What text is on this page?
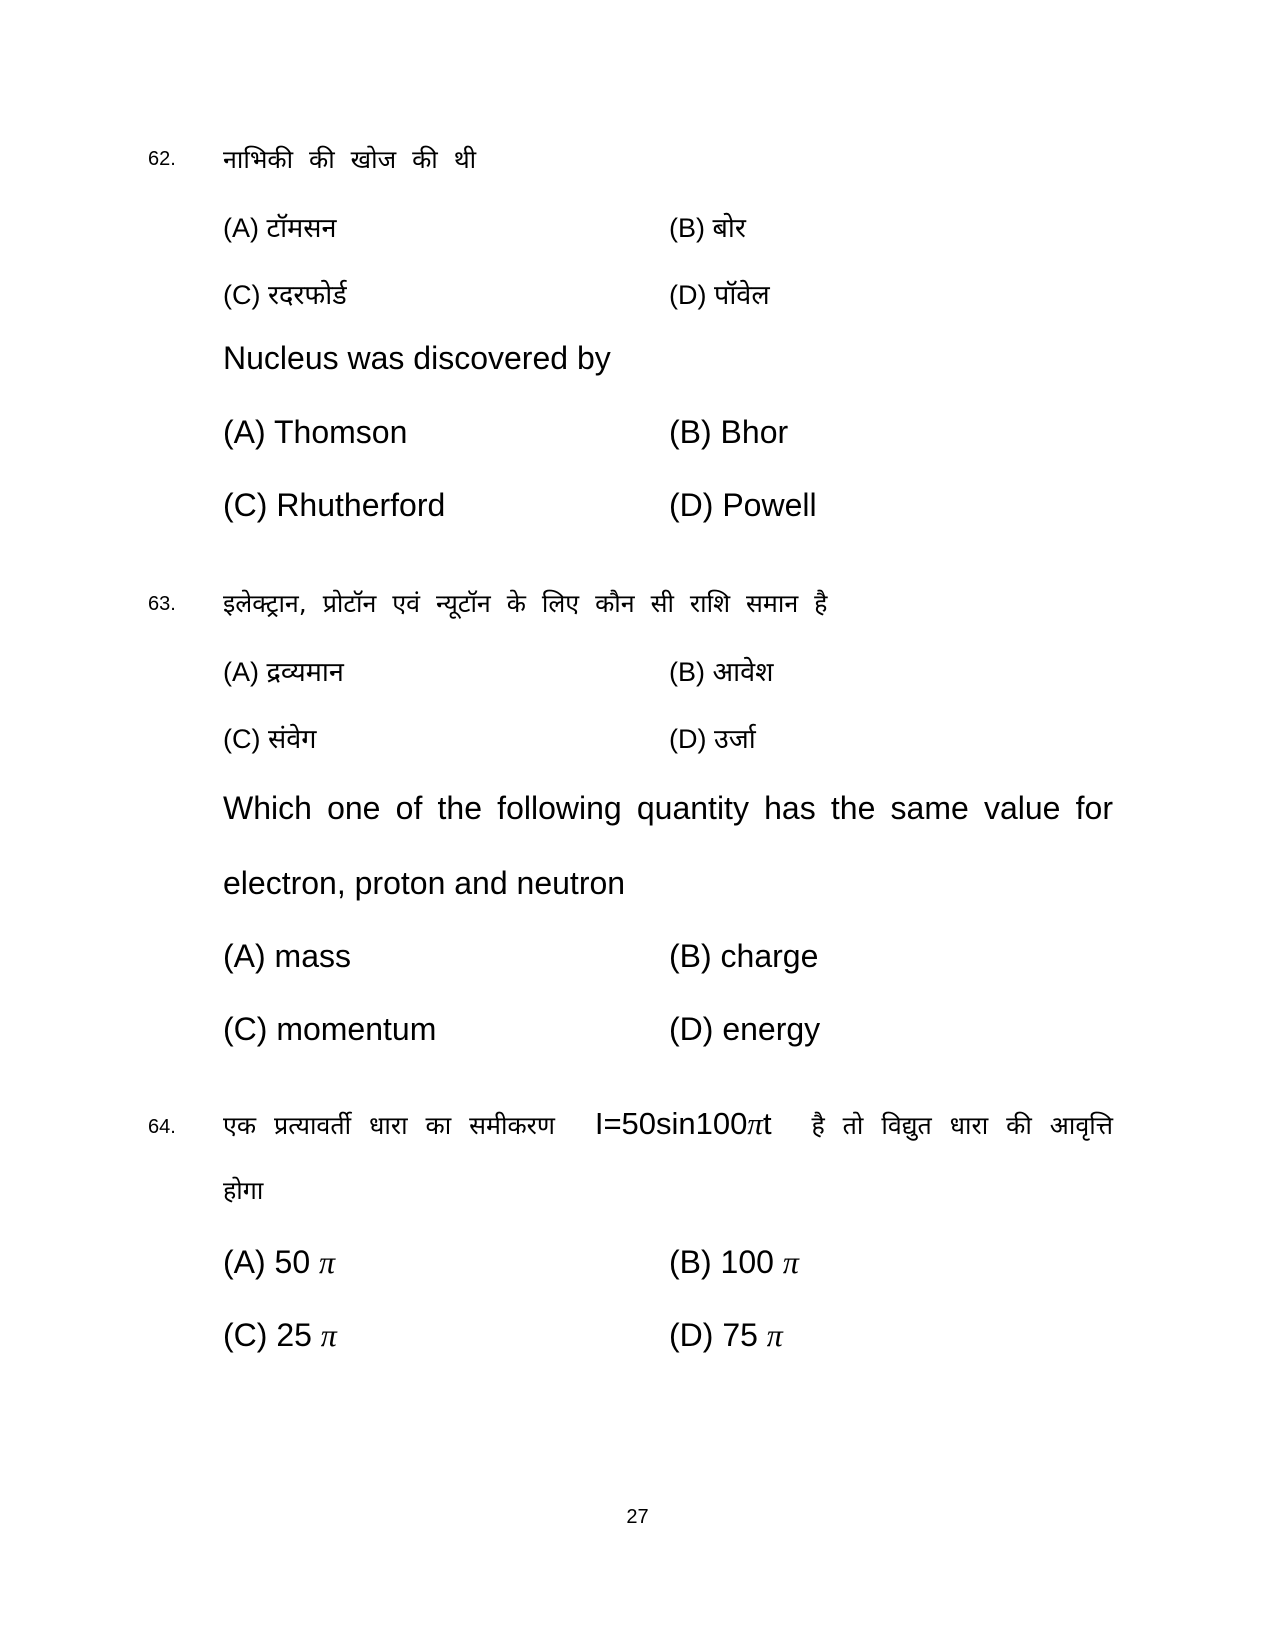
62. नाभिकी की खोज की थी
(A) टॉमसन	(B) बोर
(C) रदरफोर्ड	(D) पॉवेल
Nucleus was discovered by
(A) Thomson	(B) Bhor
(C) Rhutherford	(D) Powell
63. इलेक्ट्रान, प्रोटॉन एवं न्यूटॉन के लिए कौन सी राशि समान है
(A) द्रव्यमान	(B) आवेश
(C) संवेग	(D) उर्जा
Which one of the following quantity has the same value for
electron, proton and neutron
(A) mass	(B) charge
(C) momentum	(D) energy
64. एक प्रत्यावर्ती धारा का समीकरण I=50sin100πt है तो विद्युत धारा की आवृत्ति
होगा
(A) 50 π	(B) 100 π
(C) 25 π	(D) 75 π
27
